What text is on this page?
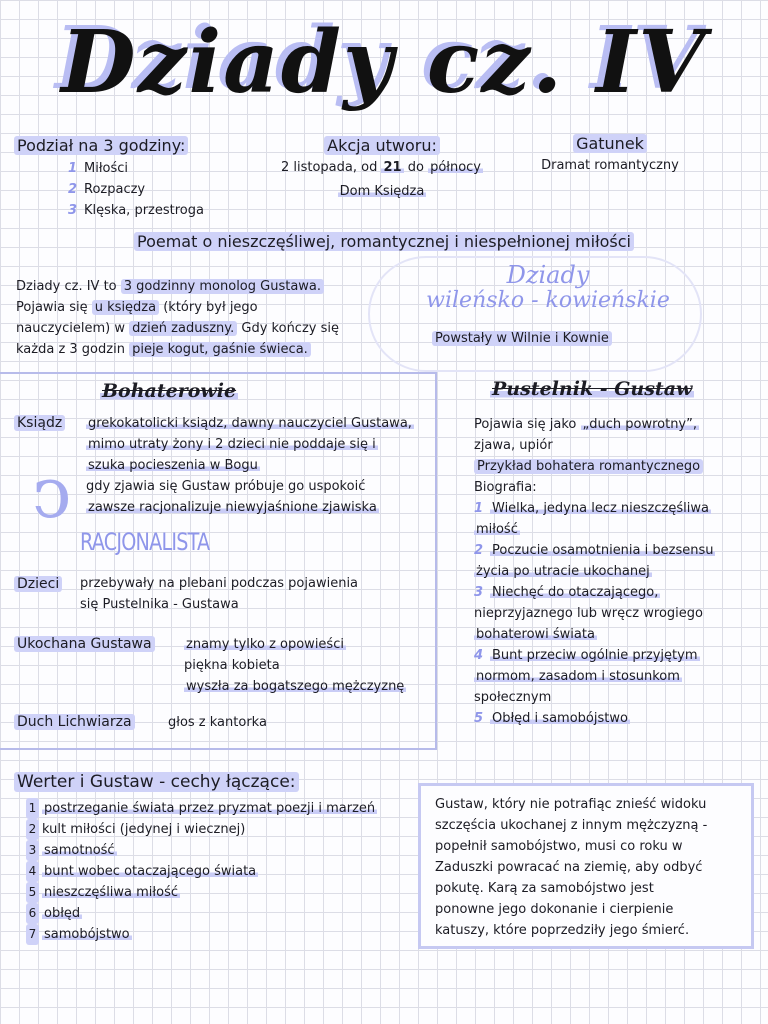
Dziady cz. IV
Podział na 3 godziny:
1 Miłości
2 Rozpaczy
3 Klęska, przestroga
Akcja utworu:
2 listopada, od 21 do północy
Dom Księdza
Gatunek
Dramat romantyczny
Poemat o nieszczęśliwej, romantycznej i niespełnionej miłości
Dziady cz. IV to 3 godzinny monolog Gustawa.
Pojawia się u księdza (który był jego
nauczycielem) w dzień zaduszny. Gdy kończy się
każda z 3 godzin pieje kogut, gaśnie świeca.
Dziady
wileńsko - kowieńskie
Powstały w Wilnie i Kownie
Bohaterowie
Ksiądz grekokatolicki ksiądz, dawny nauczyciel Gustawa,
mimo utraty żony i 2 dzieci nie poddaje się i
szuka pocieszenia w Bogu
gdy zjawia się Gustaw próbuje go uspokoić
zawsze racjonalizuje niewyjaśnione zjawiska
ↄ
RACJONALISTA
Dzieci przebywały na plebani podczas pojawienia
się Pustelnika - Gustawa
Ukochana Gustawa	znamy tylko z opowieści
piękna kobieta
wyszła za bogatszego mężczyznę
Duch Lichwiarza	głos z kantorka
Pustelnik - Gustaw
Pojawia się jako „duch powrotny”,
zjawa, upiór
Przykład bohatera romantycznego
Biografia:
1 Wielka, jedyna lecz nieszczęśliwa
miłość
2 Poczucie osamotnienia i bezsensu
życia po utracie ukochanej
3 Niechęć do otaczającego,
nieprzyjaznego lub wręcz wrogiego
bohaterowi świata
4 Bunt przeciw ogólnie przyjętym
normom, zasadom i stosunkom
społecznym
5 Obłęd i samobójstwo
Werter i Gustaw - cechy łączące:
1 postrzeganie świata przez pryzmat poezji i marzeń
2 kult miłości (jedynej i wiecznej)
3 samotność
4 bunt wobec otaczającego świata
5 nieszczęśliwa miłość
6 obłęd
7 samobójstwo
Gustaw, który nie potrafiąc znieść widoku
szczęścia ukochanej z innym mężczyzną -
popełnił samobójstwo, musi co roku w
Zaduszki powracać na ziemię, aby odbyć
pokutę. Karą za samobójstwo jest
ponowne jego dokonanie i cierpienie
katuszy, które poprzedziły jego śmierć.
